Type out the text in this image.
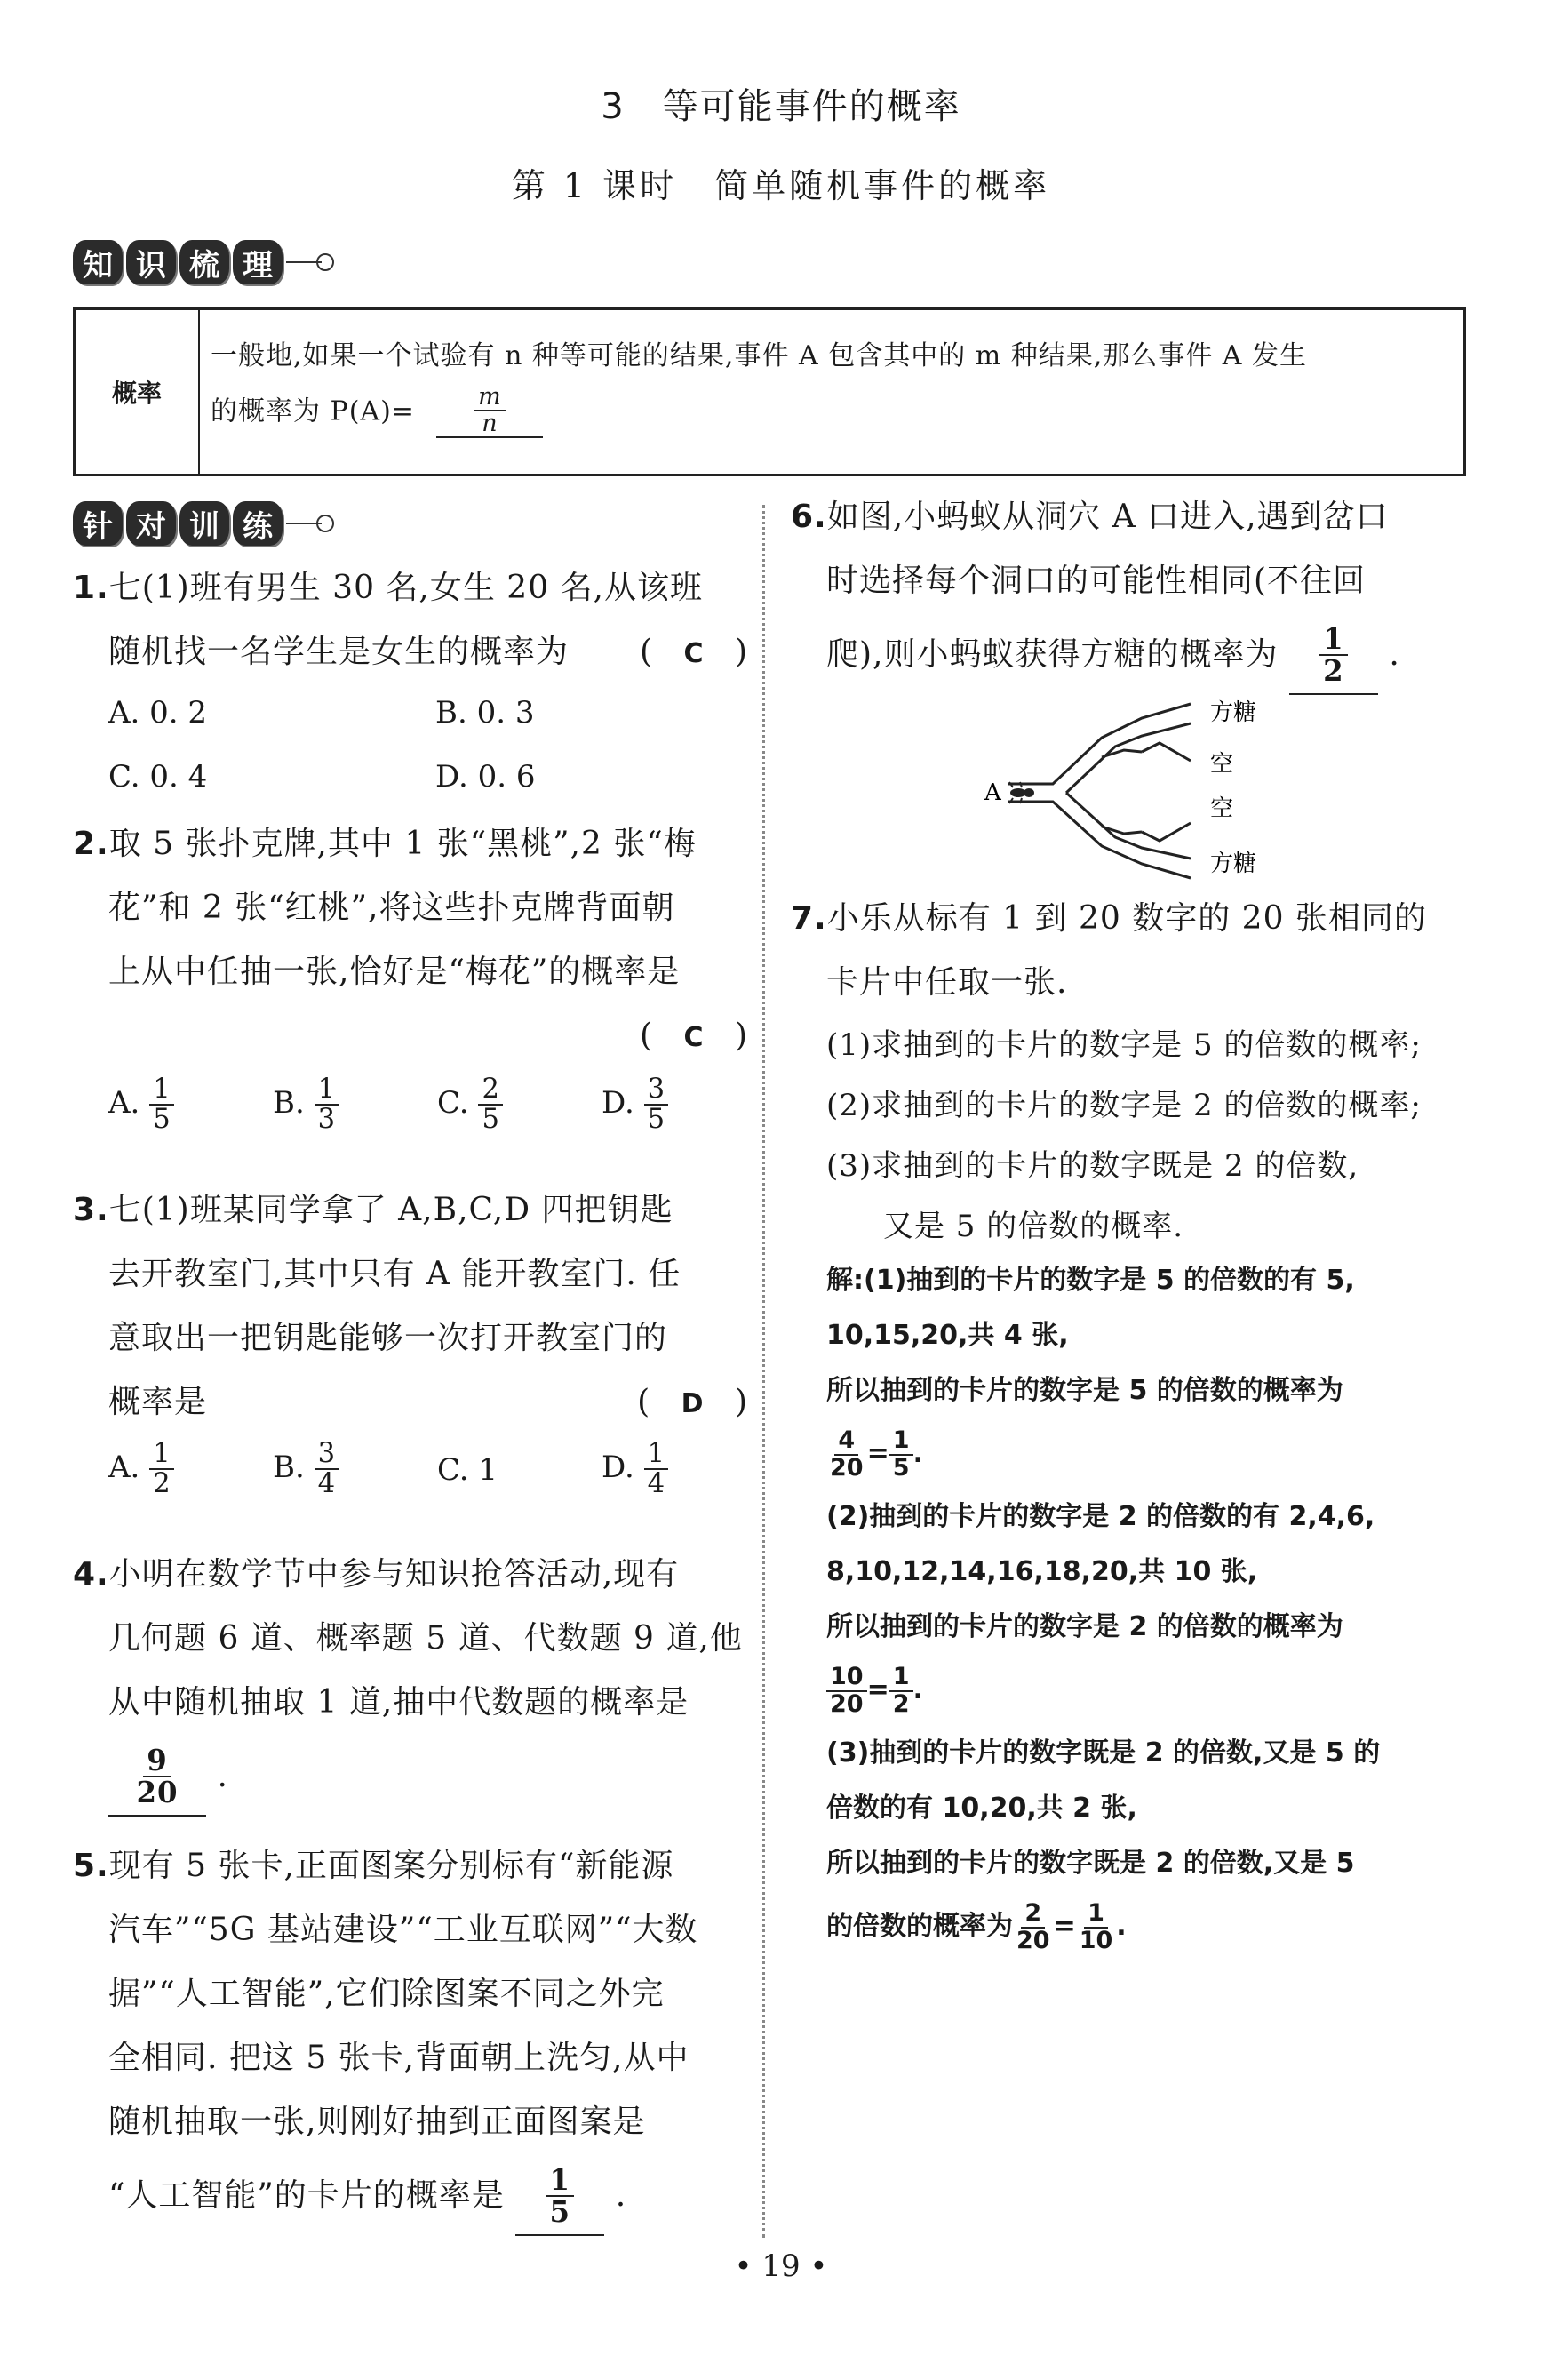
3　等可能事件的概率
第 1 课时　简单随机事件的概率
知 识 梳 理
概率
一般地,如果一个试验有 n 种等可能的结果,事件 A 包含其中的 m 种结果,那么事件 A 发生
的概率为 $P(A)= \frac{m}{n}$
针 对 训 练
1.七(1)班有男生 30 名,女生 20 名,从该班
随机找一名学生是女生的概率为 ( C )
A. 0. 2	B. 0. 3
C. 0. 4	D. 0. 6
2.取 5 张扑克牌,其中 1 张“黑桃”,2 张“梅
花”和 2 张“红桃”,将这些扑克牌背面朝
上从中任抽一张,恰好是“梅花”的概率是
( C )
A. $\frac{1}{5}$	B. $\frac{1}{3}$	C. $\frac{2}{5}$	D. $\frac{3}{5}$
3.七(1)班某同学拿了 A,B,C,D 四把钥匙
去开教室门,其中只有 A 能开教室门. 任
意取出一把钥匙能够一次打开教室门的
概率是	( D )
A. $\frac{1}{2}$	B. $\frac{3}{4}$	C. 1	D. $\frac{1}{4}$
4.小明在数学节中参与知识抢答活动,现有
几何题 6 道、概率题 5 道、代数题 9 道,他
从中随机抽取 1 道,抽中代数题的概率是
$\frac{9}{20}$ .
5.现有 5 张卡,正面图案分别标有“新能源
汽车”“5G 基站建设”“工业互联网”“大数
据”“人工智能”,它们除图案不同之外完
全相同. 把这 5 张卡,背面朝上洗匀,从中
随机抽取一张,则刚好抽到正面图案是
“人工智能”的卡片的概率是 $\frac{1}{5}$ .
6.如图,小蚂蚁从洞穴 A 口进入,遇到岔口
时选择每个洞口的可能性相同(不往回
爬),则小蚂蚁获得方糖的概率为 $\frac{1}{2}$ .
A
方糖
空
空
方糖
7.小乐从标有 1 到 20 数字的 20 张相同的
卡片中任取一张.
(1)求抽到的卡片的数字是 5 的倍数的概率;
(2)求抽到的卡片的数字是 2 的倍数的概率;
(3)求抽到的卡片的数字既是 2 的倍数,
又是 5 的倍数的概率.
解:(1)抽到的卡片的数字是 5 的倍数的有 5,
10,15,20,共 4 张,
所以抽到的卡片的数字是 5 的倍数的概率为
$\frac{4}{20} = \frac{1}{5}$ .
(2)抽到的卡片的数字是 2 的倍数的有 2,4,6,
8,10,12,14,16,18,20,共 10 张,
所以抽到的卡片的数字是 2 的倍数的概率为
$\frac{10}{20} = \frac{1}{2}$ .
(3)抽到的卡片的数字既是 2 的倍数,又是 5 的
倍数的有 10,20,共 2 张,
所以抽到的卡片的数字既是 2 的倍数,又是 5
的倍数的概率为 $\frac{2}{20} = \frac{1}{10}$ .
• 19 •
